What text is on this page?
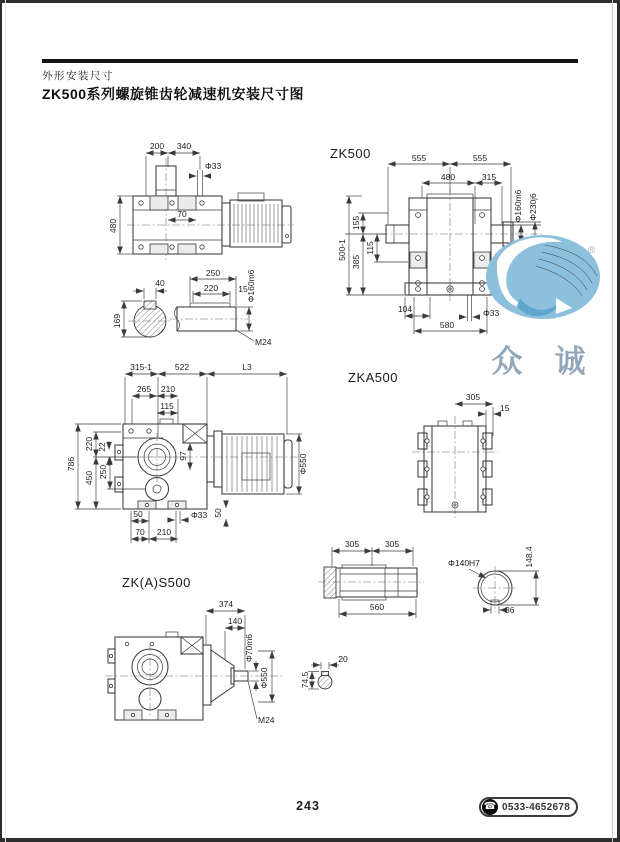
外形安装尺寸
ZK500系列螺旋锥齿轮减速机安装尺寸图
200 340
Φ33
480
70
40
169
250
220 15
Φ160m6
M24
ZK500	555	555
480	315
Φ160m6 Φ230j6
500-1
155
385
115
104
580
Φ33
®
众 诚
315-1	522	L3
265 210
115
97	Φ550
786
220
450
22
250
50	Φ33 50
70 210
ZKA500
305
15
305	305
560
Φ140H7	148.4
36
ZK(A)S500
374
140
Φ70m6
Φ550
M24
20
74.5
243	☎ 0533-4652678
